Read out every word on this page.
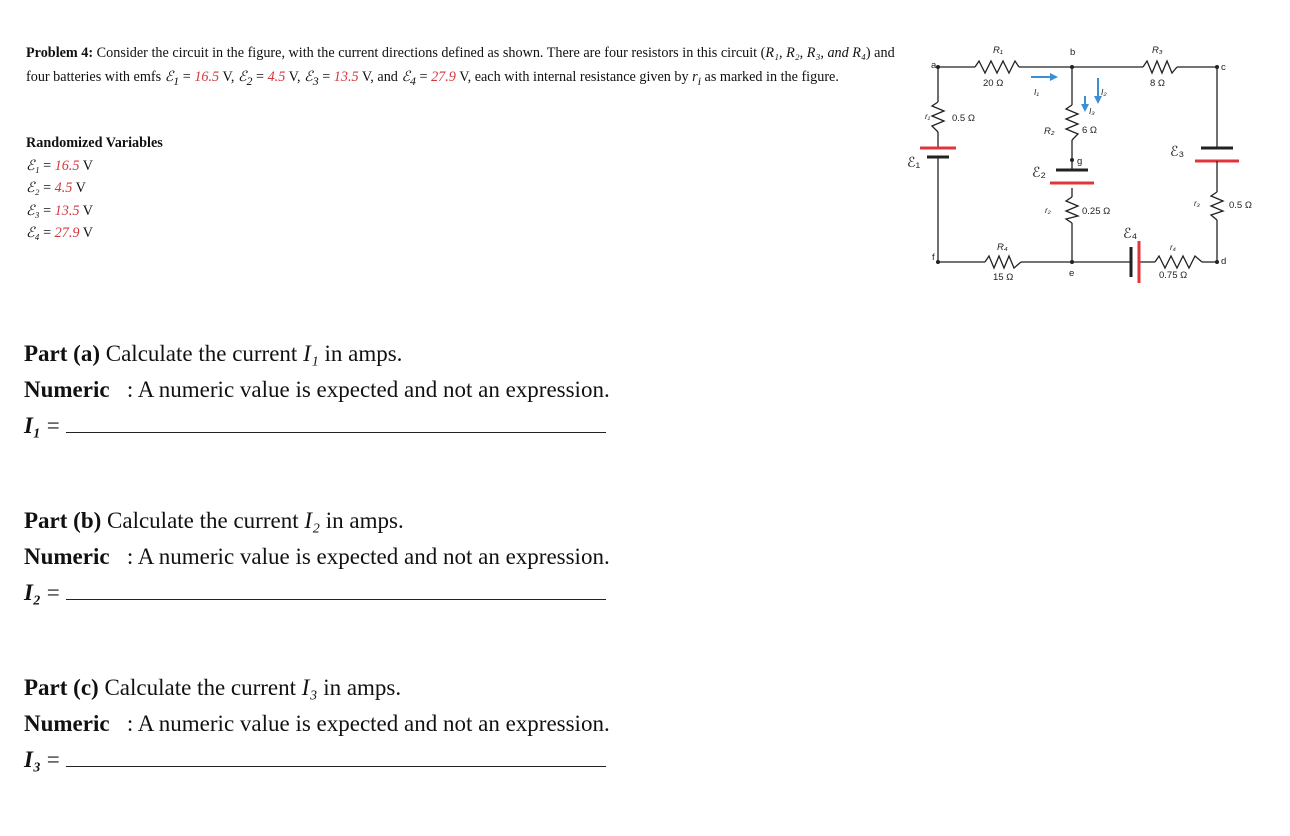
Problem 4: Consider the circuit in the figure, with the current directions defined as shown. There are four resistors in this circuit (R₁, R₂, R₃, and R₄) and four batteries with emfs ℰ$_1$ = 16.5 V, ℰ$_2$ = 4.5 V, ℰ$_3$ = 13.5 V, and ℰ$_4$ = 27.9 V, each with internal resistance given by $r_i$ as marked in the figure.
Randomized Variables
ℰ₁ = 16.5 V
ℰ₂ = 4.5 V
ℰ₃ = 13.5 V
ℰ₄ = 27.9 V
Part (a) Calculate the current I₁ in amps.
Numeric : A numeric value is expected and not an expression.
I₁ =
Part (b) Calculate the current I₂ in amps.
Numeric : A numeric value is expected and not an expression.
I₂ =
Part (c) Calculate the current I₃ in amps.
Numeric : A numeric value is expected and not an expression.
I₃ =
a
b
c
d
e
f
g
R₁
20 Ω
R₂	6 Ω
R₃
8 Ω
R₄
15 Ω
r₁ 0.5 Ω
r₂	0.25 Ω
r₃	0.5 Ω
r₄
0.75 Ω
I₁	I₂
I₃
ℰ₁
ℰ₂
ℰ₃
ℰ₄
